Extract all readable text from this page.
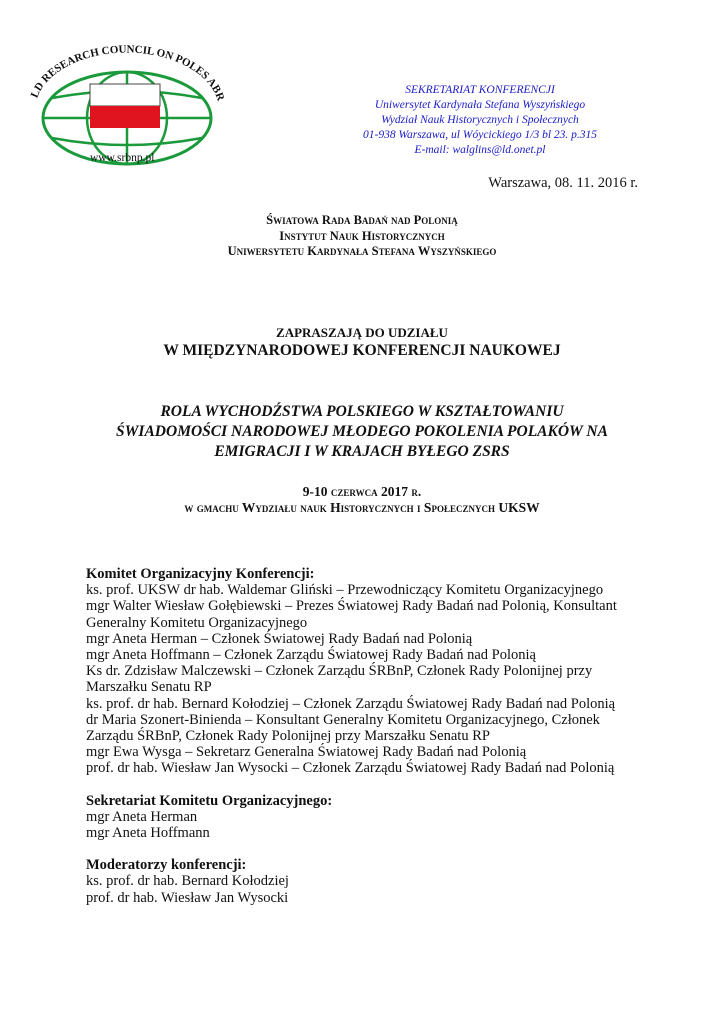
LD RESEARCH COUNCIL ON POLES ABR
www.srbnp.pl
SEKRETARIAT KONFERENCJI
Uniwersytet Kardynała Stefana Wyszyńskiego
Wydział Nauk Historycznych i Społecznych
01-938 Warszawa, ul Wóycickiego 1/3 bl 23. p.315
E-mail: walglins@ld.onet.pl
Warszawa, 08. 11. 2016 r.
Światowa Rada Badań nad Polonią
Instytut Nauk Historycznych
Uniwersytetu Kardynała Stefana Wyszyńskiego
ZAPRASZAJĄ DO UDZIAŁU
W MIĘDZYNARODOWEJ KONFERENCJI NAUKOWEJ
ROLA WYCHODŹSTWA POLSKIEGO W KSZTAŁTOWANIU
ŚWIADOMOŚCI NARODOWEJ MŁODEGO POKOLENIA POLAKÓW NA
EMIGRACJI I W KRAJACH BYŁEGO ZSRS
9-10 czerwca 2017 r.
w gmachu Wydziału nauk Historycznych i Społecznych UKSW
Komitet Organizacyjny Konferencji:
ks. prof. UKSW dr hab. Waldemar Gliński – Przewodniczący Komitetu Organizacyjnego
mgr Walter Wiesław Gołębiewski – Prezes Światowej Rady Badań nad Polonią, Konsultant Generalny Komitetu Organizacyjnego
mgr Aneta Herman – Członek Światowej Rady Badań nad Polonią
mgr Aneta Hoffmann – Członek Zarządu Światowej Rady Badań nad Polonią
Ks dr. Zdzisław Malczewski – Członek Zarządu ŚRBnP, Członek Rady Polonijnej przy Marszałku Senatu RP
ks. prof. dr hab. Bernard Kołodziej – Członek Zarządu Światowej Rady Badań nad Polonią
dr Maria Szonert-Binienda – Konsultant Generalny Komitetu Organizacyjnego, Członek Zarządu ŚRBnP, Członek Rady Polonijnej przy Marszałku Senatu RP
mgr Ewa Wysga – Sekretarz Generalna Światowej Rady Badań nad Polonią
prof. dr hab. Wiesław Jan Wysocki – Członek Zarządu Światowej Rady Badań nad Polonią
Sekretariat Komitetu Organizacyjnego:
mgr Aneta Herman
mgr Aneta Hoffmann
Moderatorzy konferencji:
ks. prof. dr hab. Bernard Kołodziej
prof. dr hab. Wiesław Jan Wysocki
